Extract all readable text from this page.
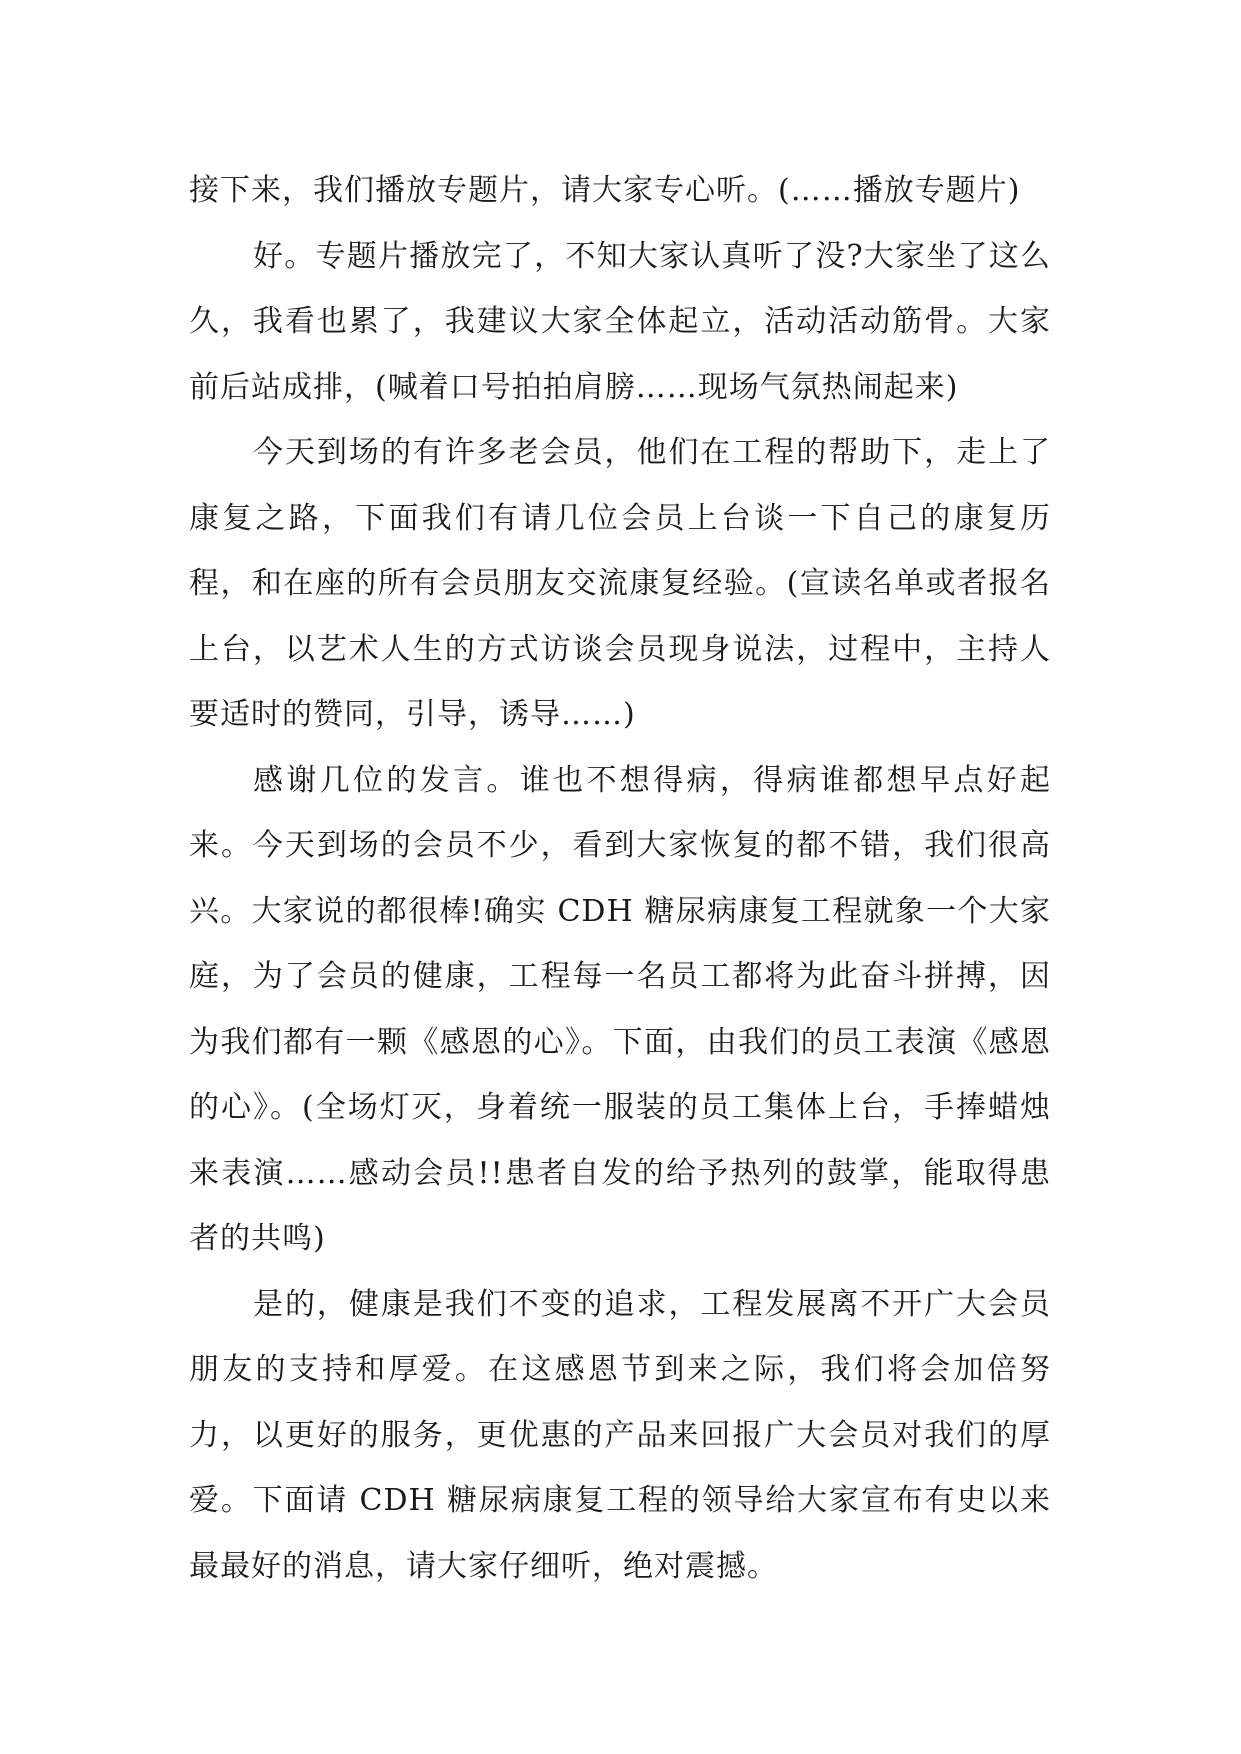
接下来，我们播放专题片，请大家专心听。(……播放专题片)

好。专题片播放完了，不知大家认真听了没?大家坐了这么久，我看也累了，我建议大家全体起立，活动活动筋骨。大家前后站成排，(喊着口号拍拍肩膀……现场气氛热闹起来)

今天到场的有许多老会员，他们在工程的帮助下，走上了康复之路，下面我们有请几位会员上台谈一下自己的康复历程，和在座的所有会员朋友交流康复经验。(宣读名单或者报名上台，以艺术人生的方式访谈会员现身说法，过程中，主持人要适时的赞同，引导，诱导……)

感谢几位的发言。谁也不想得病，得病谁都想早点好起来。今天到场的会员不少，看到大家恢复的都不错，我们很高兴。大家说的都很棒!确实 CDH 糖尿病康复工程就象一个大家庭，为了会员的健康，工程每一名员工都将为此奋斗拼搏，因为我们都有一颗《感恩的心》。下面，由我们的员工表演《感恩的心》。(全场灯灭，身着统一服装的员工集体上台，手捧蜡烛来表演……感动会员!!患者自发的给予热列的鼓掌，能取得患者的共鸣)

是的，健康是我们不变的追求，工程发展离不开广大会员朋友的支持和厚爱。在这感恩节到来之际，我们将会加倍努力，以更好的服务，更优惠的产品来回报广大会员对我们的厚爱。下面请 CDH 糖尿病康复工程的领导给大家宣布有史以来最最好的消息，请大家仔细听，绝对震撼。
